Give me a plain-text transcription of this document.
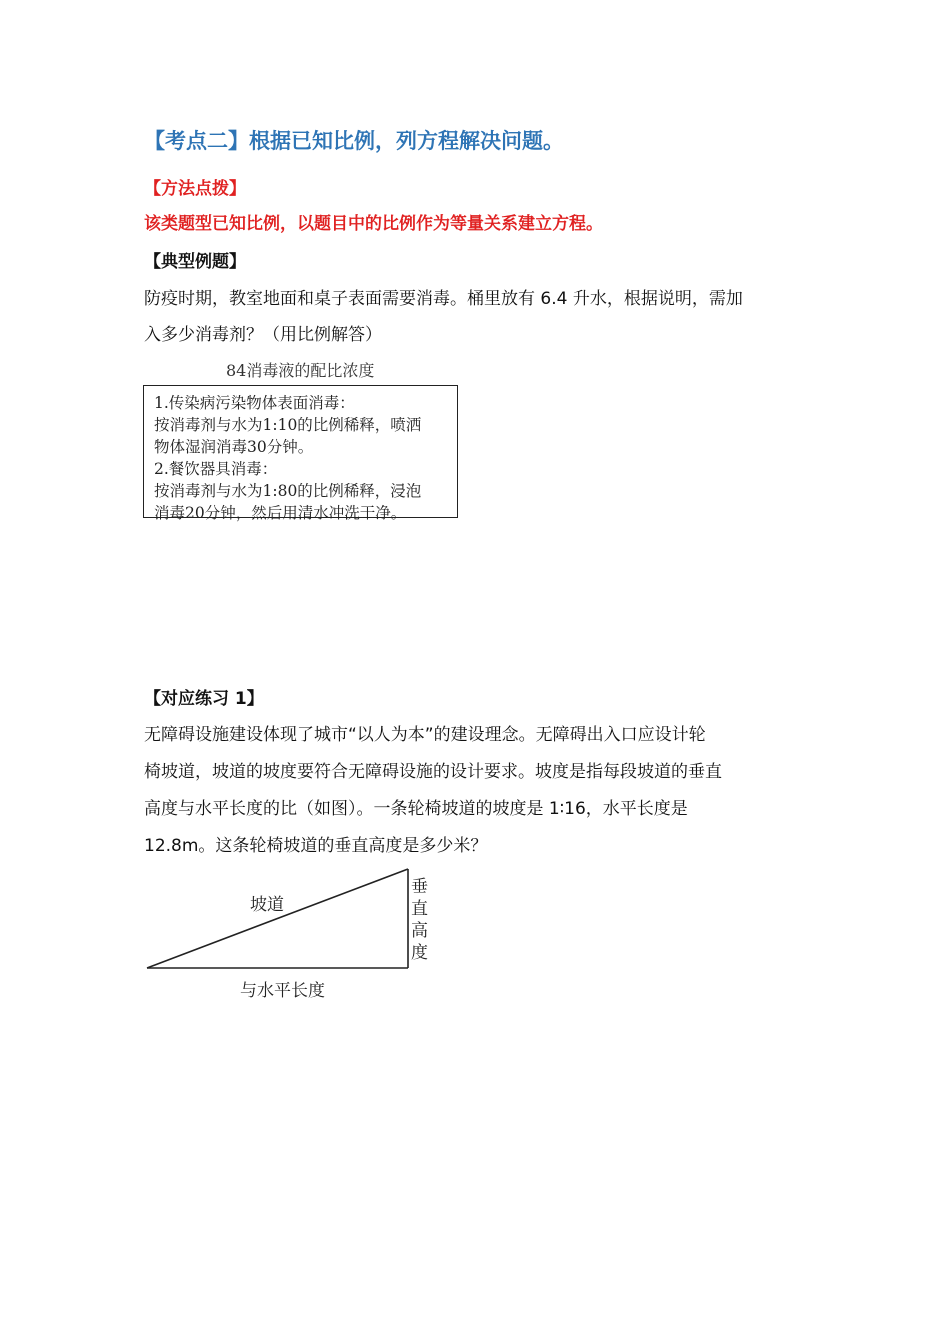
【考点二】根据已知比例，列方程解决问题。
【方法点拨】
该类题型已知比例，以题目中的比例作为等量关系建立方程。
【典型例题】
防疫时期，教室地面和桌子表面需要消毒。桶里放有 6.4 升水，根据说明，需加
入多少消毒剂？（用比例解答）
84消毒液的配比浓度
1.传染病污染物体表面消毒：
按消毒剂与水为1:10的比例稀释，喷洒
物体湿润消毒30分钟。
2.餐饮器具消毒：
按消毒剂与水为1:80的比例稀释，浸泡
消毒20分钟，然后用清水冲洗干净。
【对应练习 1】
无障碍设施建设体现了城市“以人为本”的建设理念。无障碍出入口应设计轮
椅坡道，坡道的坡度要符合无障碍设施的设计要求。坡度是指每段坡道的垂直
高度与水平长度的比（如图）。一条轮椅坡道的坡度是 1∶16，水平长度是
12.8m。这条轮椅坡道的垂直高度是多少米？
坡道
垂直高度
与水平长度
